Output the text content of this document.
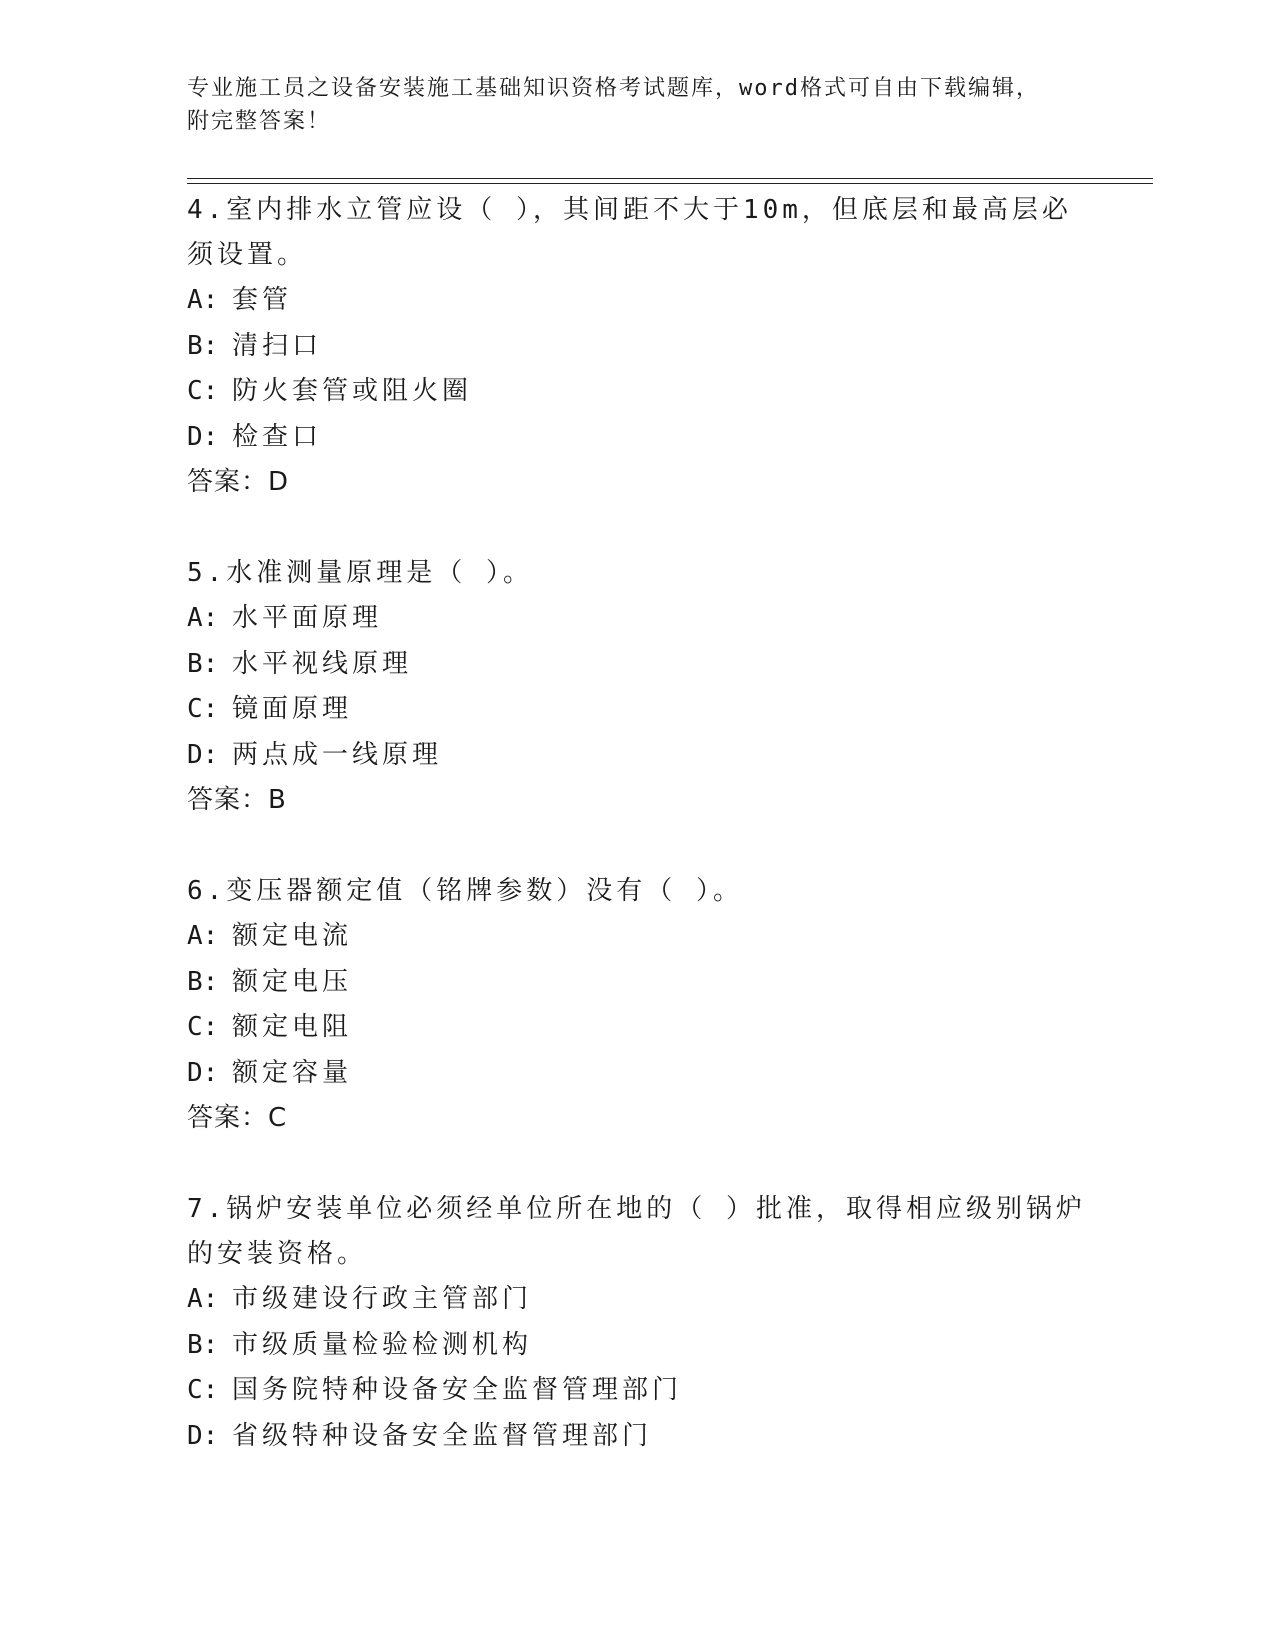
专业施工员之设备安装施工基础知识资格考试题库，word格式可自由下载编辑，
附完整答案！

4.室内排水立管应设（ ），其间距不大于10m，但底层和最高层必须设置。

A: 套管

B: 清扫口

C: 防火套管或阻火圈

D: 检查口

答案：D

5.水准测量原理是（ ）。

A: 水平面原理

B: 水平视线原理

C: 镜面原理

D: 两点成一线原理

答案：B

6.变压器额定值（铭牌参数）没有（ ）。

A: 额定电流

B: 额定电压

C: 额定电阻

D: 额定容量

答案：C

7.锅炉安装单位必须经单位所在地的（ ）批准，取得相应级别锅炉的安装资格。

A: 市级建设行政主管部门

B: 市级质量检验检测机构

C: 国务院特种设备安全监督管理部门

D: 省级特种设备安全监督管理部门
